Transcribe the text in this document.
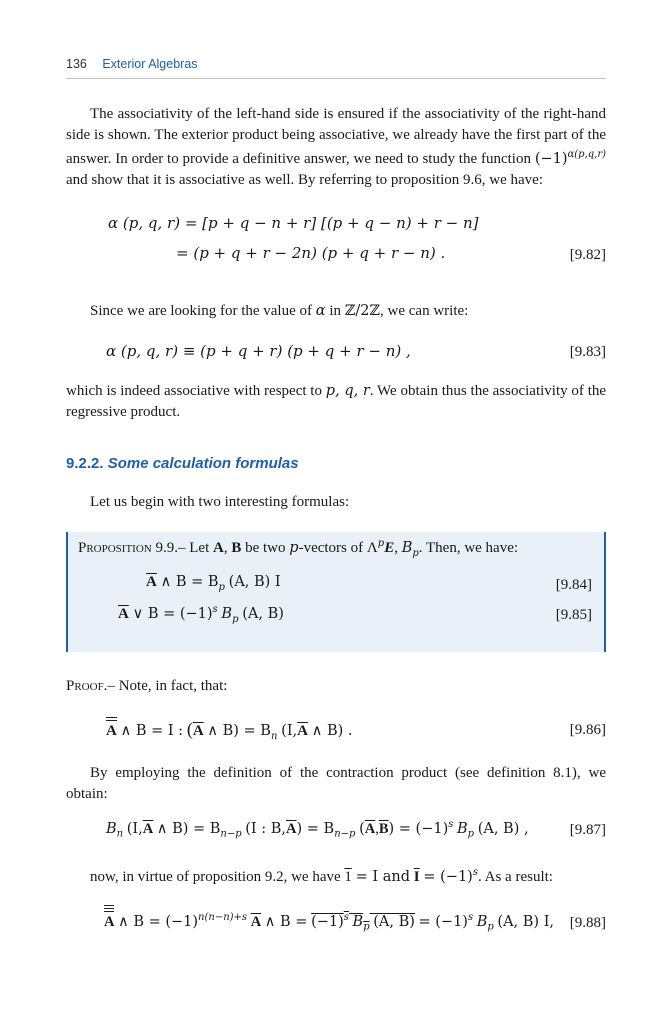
136 Exterior Algebras
The associativity of the left-hand side is ensured if the associativity of the right-hand side is shown. The exterior product being associative, we already have the first part of the answer. In order to provide a definitive answer, we need to study the function $(-1)^{\alpha(p,q,r)}$ and show that it is associative as well. By referring to proposition 9.6, we have:
α (p, q, r) = [p + q − n + r] [(p + q − n) + r − n]
= (p + q + r − 2n) (p + q + r − n) .	[9.82]
Since we are looking for the value of α in ℤ/2ℤ, we can write:
α (p, q, r) ≡ (p + q + r) (p + q + r − n) ,	[9.83]
which is indeed associative with respect to p, q, r. We obtain thus the associativity of the regressive product.
9.2.2. Some calculation formulas
Let us begin with two interesting formulas:
Proposition 9.9.– Let A, B be two p-vectors of $\Lambda^pE$, $B_p$. Then, we have:
$\overline{A}$ ∧ $B = B_p$ (A, B) I	[9.84]
$\overline{A}$ ∨ $B = (-1)^s$ $B_p$ (A, B)	[9.85]
Proof.– Note, in fact, that:
A ∧ B = I : ($\overline{A}$ ∧ $B) = B_n$ ($I,\overline{A}$ ∧ B) .	[9.86]
By employing the definition of the contraction product (see definition 8.1), we obtain:
$B_n$ ($I,\overline{A}$ ∧ $B) = B_{n-p}$ (I : $B,\overline{A}) = B_{n-p}$ $(\overline{A},\overline{B}) = (-1)^s$ $B_p$ (A, B) ,	[9.87]
now, in virtue of proposition 9.2, we have 1 = I and $\overline{I} = (-1)^s$. As a result:
A ∧ $B = (-1)^{n(n-n)+s}$ $\overline{A}$ ∧ $B = (-1)^s$ $B_p$ (A, $B) = (-1)^s$ $B_p$ (A, B) I, [9.88]
